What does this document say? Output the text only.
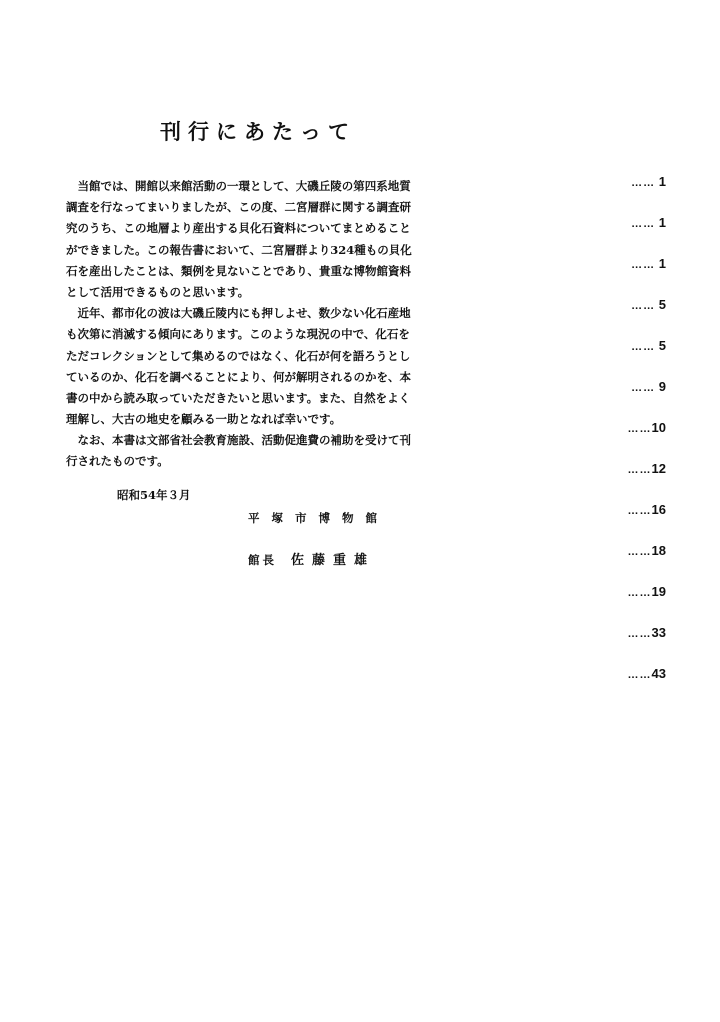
刊行にあたって
　当館では、開館以来館活動の一環として、大磯丘陵の第四系地質
調査を行なってまいりましたが、この度、二宮層群に関する調査研
究のうち、この地層より産出する貝化石資料についてまとめること
ができました。この報告書において、二宮層群より324種もの貝化
石を産出したことは、類例を見ないことであり、貴重な博物館資料
として活用できるものと思います。
　近年、都市化の波は大磯丘陵内にも押しよせ、数少ない化石産地
も次第に消滅する傾向にあります。このような現況の中で、化石を
ただコレクションとして集めるのではなく、化石が何を語ろうとし
ているのか、化石を調べることにより、何が解明されるのかを、本
書の中から読み取っていただきたいと思います。また、自然をよく
理解し、大古の地史を顧みる一助となれば幸いです。
　なお、本書は文部省社会教育施設、活動促進費の補助を受けて刊
行されたものです。
昭和54年３月
平塚市博物館
館長 佐藤重雄
…… 1
…… 1
…… 1
…… 5
…… 5
…… 9
……10
……12
……16
……18
……19
……33
……43
